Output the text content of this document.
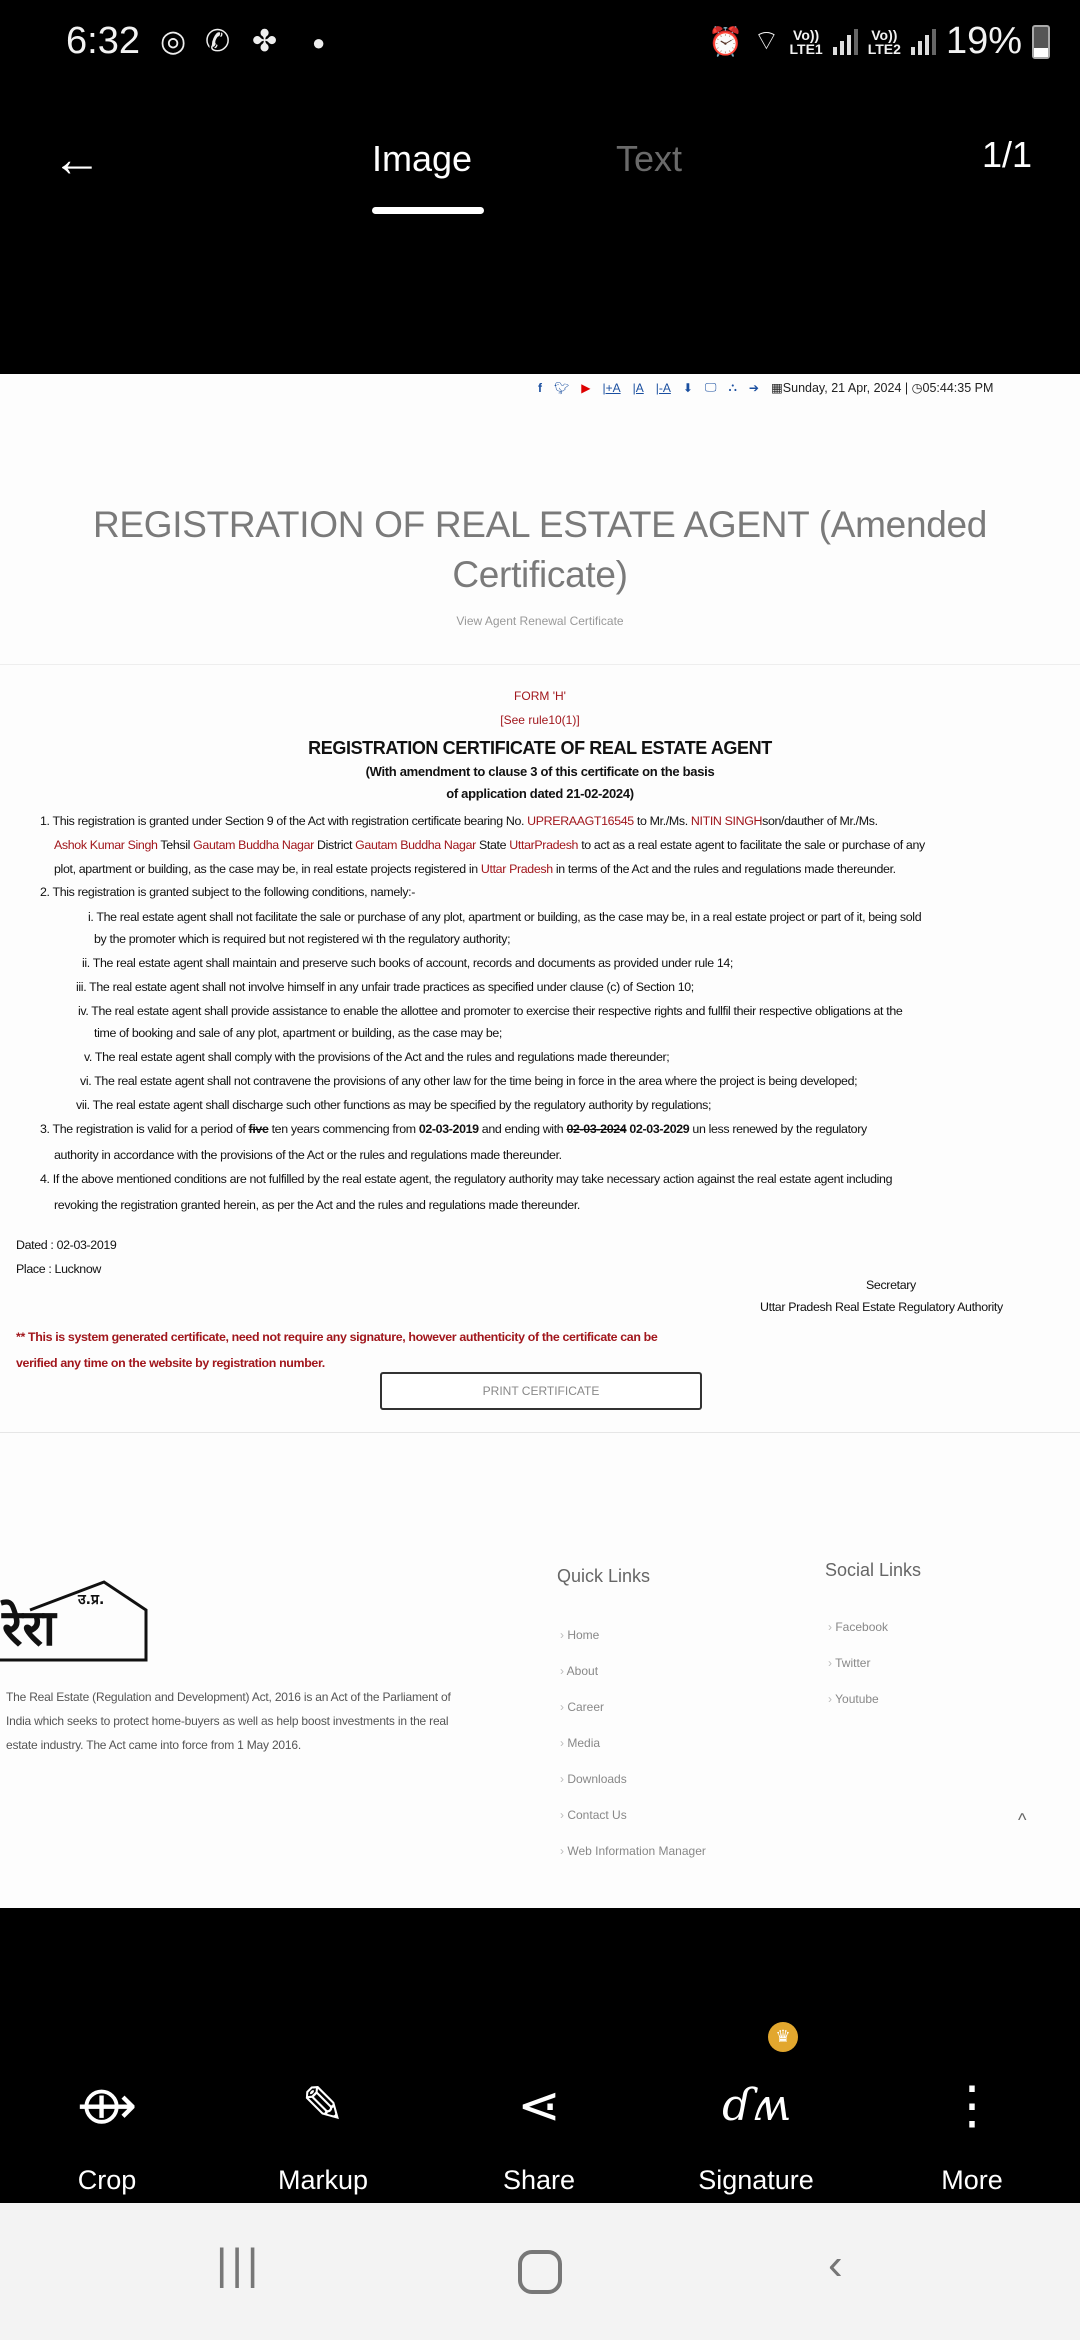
6:32 ◎ ✆ ✤ ●	⏰ ⌔ Vo))
LTE1
Vo))
LTE2 19%
←	Image	Text	1/1
f 🐦︎ ▶ |+A |A |-A ⬇ 🖵 ⛬ ➔ ▦Sunday, 21 Apr, 2024 | ◷05:44:35 PM
REGISTRATION OF REAL ESTATE AGENT (Amended
Certificate)
View Agent Renewal Certificate
FORM 'H'
[See rule10(1)]
REGISTRATION CERTIFICATE OF REAL ESTATE AGENT
(With amendment to clause 3 of this certificate on the basis
of application dated 21-02-2024)
1. This registration is granted under Section 9 of the Act with registration certificate bearing No. UPRERAAGT16545 to Mr./Ms. NITIN SINGHson/dauther of Mr./Ms.
Ashok Kumar Singh Tehsil Gautam Buddha Nagar District Gautam Buddha Nagar State UttarPradesh to act as a real estate agent to facilitate the sale or purchase of any
plot, apartment or building, as the case may be, in real estate projects registered in Uttar Pradesh in terms of the Act and the rules and regulations made thereunder.
2. This registration is granted subject to the following conditions, namely:-
i. The real estate agent shall not facilitate the sale or purchase of any plot, apartment or building, as the case may be, in a real estate project or part of it, being sold
by the promoter which is required but not registered wi th the regulatory authority;
ii. The real estate agent shall maintain and preserve such books of account, records and documents as provided under rule 14;
iii. The real estate agent shall not involve himself in any unfair trade practices as specified under clause (c) of Section 10;
iv. The real estate agent shall provide assistance to enable the allottee and promoter to exercise their respective rights and fullfil their respective obligations at the
time of booking and sale of any plot, apartment or building, as the case may be;
v. The real estate agent shall comply with the provisions of the Act and the rules and regulations made thereunder;
vi. The real estate agent shall not contravene the provisions of any other law for the time being in force in the area where the project is being developed;
vii. The real estate agent shall discharge such other functions as may be specified by the regulatory authority by regulations;
3. The registration is valid for a period of five ten years commencing from 02-03-2019 and ending with 02-03-2024 02-03-2029 un less renewed by the regulatory
authority in accordance with the provisions of the Act or the rules and regulations made thereunder.
4. If the above mentioned conditions are not fulfilled by the real estate agent, the regulatory authority may take necessary action against the real estate agent including
revoking the registration granted herein, as per the Act and the rules and regulations made thereunder.
Dated : 02-03-2019
Place : Lucknow
Secretary
Uttar Pradesh Real Estate Regulatory Authority
** This is system generated certificate, need not require any signature, however authenticity of the certificate can be
verified any time on the website by registration number.
PRINT CERTIFICATE
रेरा उ.प्र.
The Real Estate (Regulation and Development) Act, 2016 is an Act of the Parliament of
India which seeks to protect home-buyers as well as help boost investments in the real
estate industry. The Act came into force from 1 May 2016.
Quick Links
› Home
› About
› Career
› Media
› Downloads
› Contact Us
› Web Information Manager
Social Links
› Facebook
› Twitter
› Youtube
^
⟴
Crop
✎
Markup
⋖
Share
ɗʍ
Signature
♛
⋮
More
|||	‹
